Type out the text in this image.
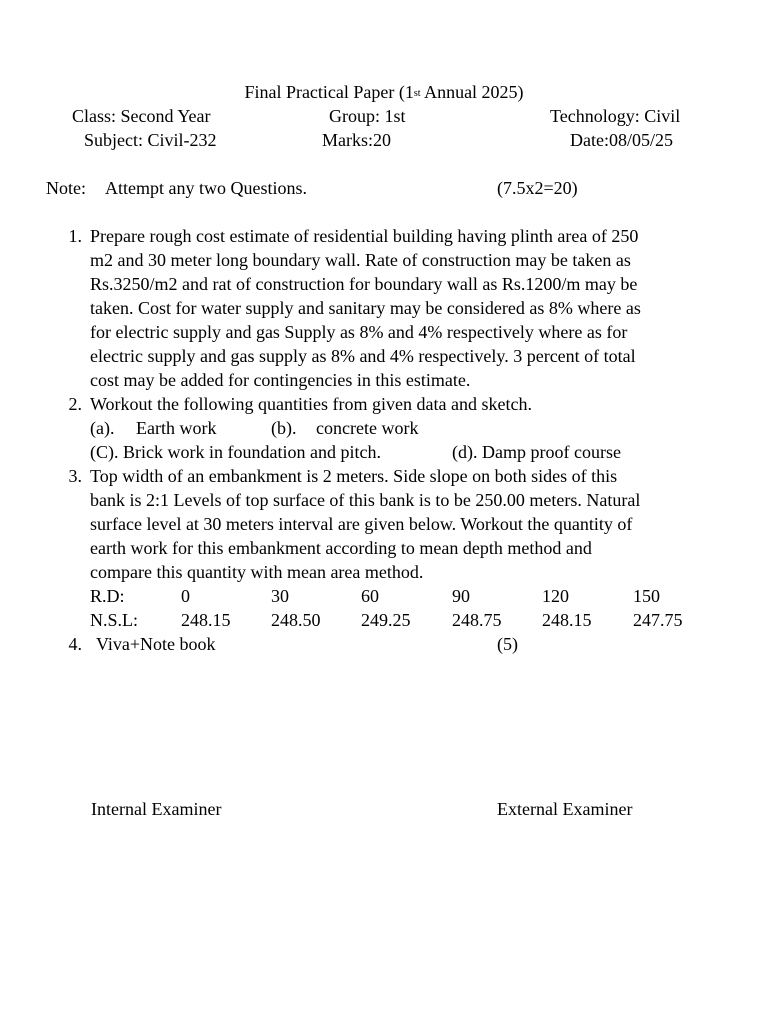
Final Practical Paper (1st Annual 2025)
Class: Second Year	Group: 1st	Technology: Civil
Subject: Civil-232	Marks:20	Date:08/05/25
Note: Attempt any two Questions.	(7.5x2=20)
1. Prepare rough cost estimate of residential building having plinth area of 250
m2 and 30 meter long boundary wall. Rate of construction may be taken as
Rs.3250/m2 and rat of construction for boundary wall as Rs.1200/m may be
taken. Cost for water supply and sanitary may be considered as 8% where as
for electric supply and gas Supply as 8% and 4% respectively where as for
electric supply and gas supply as 8% and 4% respectively. 3 percent of total
cost may be added for contingencies in this estimate.
2. Workout the following quantities from given data and sketch.
(a). Earth work	(b). concrete work
(C). Brick work in foundation and pitch.	(d). Damp proof course
3. Top width of an embankment is 2 meters. Side slope on both sides of this
bank is 2:1 Levels of top surface of this bank is to be 250.00 meters. Natural
surface level at 30 meters interval are given below. Workout the quantity of
earth work for this embankment according to mean depth method and
compare this quantity with mean area method.
R.D:	0	30	60	90	120	150
N.S.L: 248.15 248.50 249.25 248.75 248.15 247.75
4. Viva+Note book	(5)
Internal Examiner	External Examiner
